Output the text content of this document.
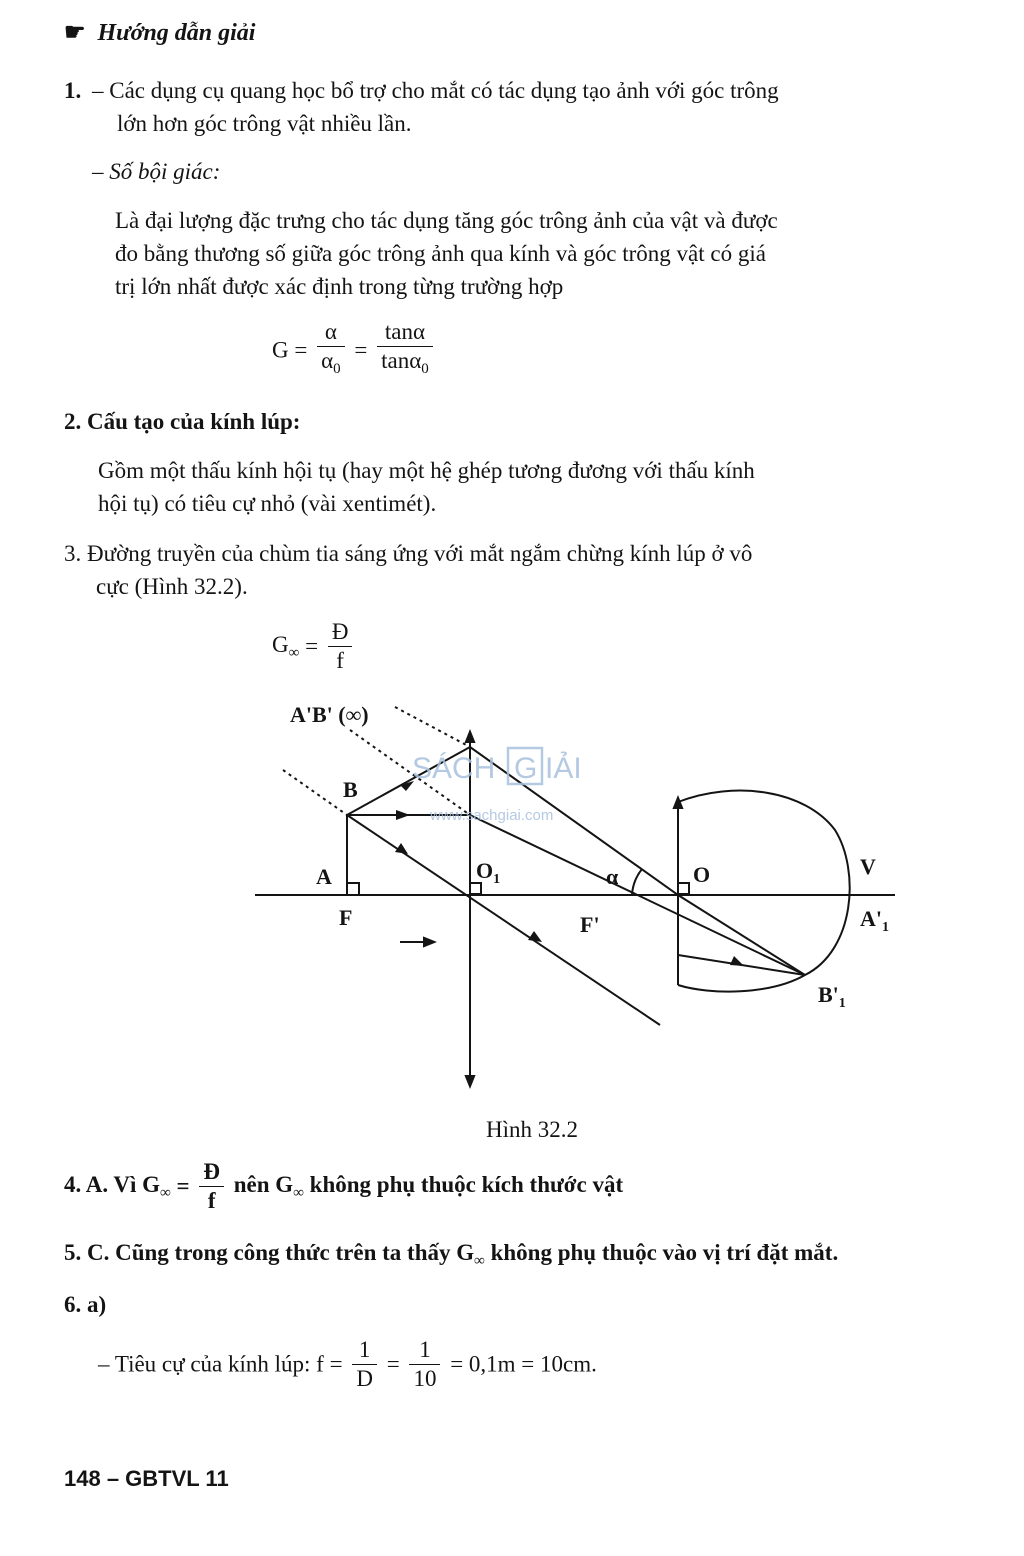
☛ Hướng dẫn giải
1. – Các dụng cụ quang học bổ trợ cho mắt có tác dụng tạo ảnh với góc trông
lớn hơn góc trông vật nhiều lần.
– Số bội giác:
Là đại lượng đặc trưng cho tác dụng tăng góc trông ảnh của vật và được
đo bằng thương số giữa góc trông ảnh qua kính và góc trông vật có giá
trị lớn nhất được xác định trong từng trường hợp
$G = \frac{\alpha}{\alpha_0} = \frac{\tan\alpha}{\tan\alpha_0}$
2. Cấu tạo của kính lúp:
Gồm một thấu kính hội tụ (hay một hệ ghép tương đương với thấu kính
hội tụ) có tiêu cự nhỏ (vài xentimét).
3. Đường truyền của chùm tia sáng ứng với mắt ngắm chừng kính lúp ở vô
cực (Hình 32.2).
$G_\infty = \frac{Đ}{f}$
SÁCH G IẢI
www.sachgiai.com
A'B' (∞)
B
A
F
$O_1$	α	O
F'
V
$A'_1$
$B'_1$
Hình 32.2
4. A. Vì $G_\infty = \frac{Đ}{f}$ nên $G_\infty$ không phụ thuộc kích thước vật
5. C. Cũng trong công thức trên ta thấy $G_\infty$ không phụ thuộc vào vị trí đặt mắt.
6. a)
– Tiêu cự của kính lúp: $f = \frac{1}{D} = \frac{1}{10} = 0,1m = 10cm$.
148 – GBTVL 11
